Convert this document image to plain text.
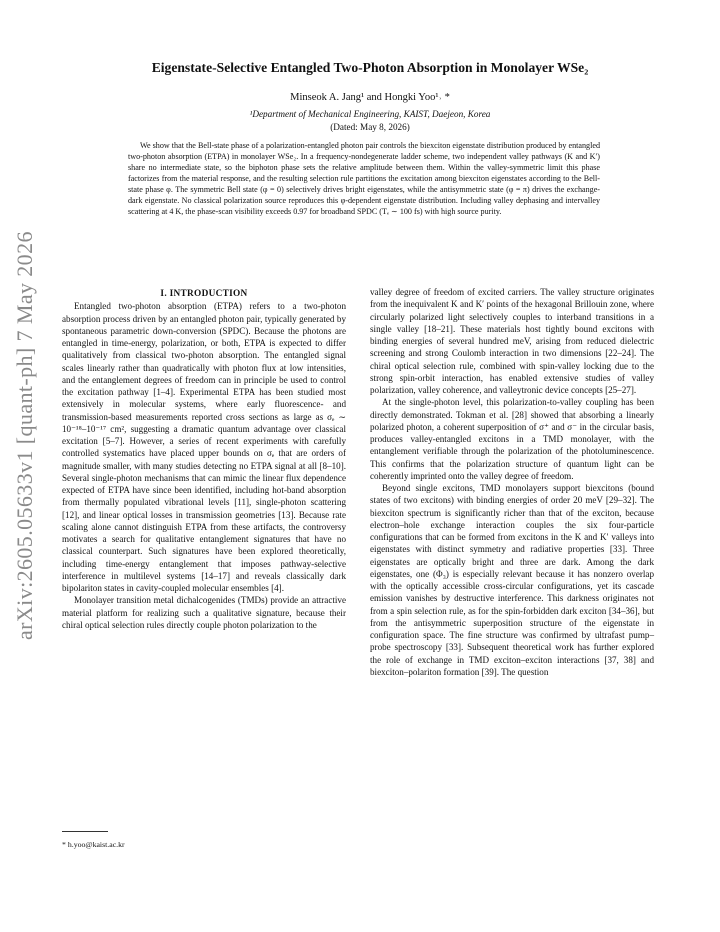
arXiv:2605.05633v1 [quant-ph] 7 May 2026
Eigenstate-Selective Entangled Two-Photon Absorption in Monolayer WSe₂
Minseok A. Jang¹ and Hongki Yoo¹˒ *
¹Department of Mechanical Engineering, KAIST, Daejeon, Korea
(Dated: May 8, 2026)
We show that the Bell-state phase of a polarization-entangled photon pair controls the biexciton eigenstate distribution produced by entangled two-photon absorption (ETPA) in monolayer WSe₂. In a frequency-nondegenerate ladder scheme, two independent valley pathways (K and K′) share no intermediate state, so the biphoton phase sets the relative amplitude between them. Within the valley-symmetric limit this phase factorizes from the material response, and the resulting selection rule partitions the excitation among biexciton eigenstates according to the Bell-state phase φ. The symmetric Bell state (φ = 0) selectively drives bright eigenstates, while the antisymmetric state (φ = π) drives the exchange-dark eigenstate. No classical polarization source reproduces this φ-dependent eigenstate distribution. Including valley dephasing and intervalley scattering at 4 K, the phase-scan visibility exceeds 0.97 for broadband SPDC (Tₑ ∼ 100 fs) with high source purity.

I. INTRODUCTION

Entangled two-photon absorption (ETPA) refers to a two-photon absorption process driven by an entangled photon pair, typically generated by spontaneous parametric down-conversion (SPDC). Because the photons are entangled in time-energy, polarization, or both, ETPA is expected to differ qualitatively from classical two-photon absorption. The entangled signal scales linearly rather than quadratically with photon flux at low intensities, and the entanglement degrees of freedom can in principle be used to control the excitation pathway [1–4]. Experimental ETPA has been studied most extensively in molecular systems, where early fluorescence- and transmission-based measurements reported cross sections as large as σₑ ∼ 10⁻¹⁸–10⁻¹⁷ cm², suggesting a dramatic quantum advantage over classical excitation [5–7]. However, a series of recent experiments with carefully controlled systematics have placed upper bounds on σₑ that are orders of magnitude smaller, with many studies detecting no ETPA signal at all [8–10]. Several single-photon mechanisms that can mimic the linear flux dependence expected of ETPA have since been identified, including hot-band absorption from thermally populated vibrational levels [11], single-photon scattering [12], and linear optical losses in transmission geometries [13]. Because rate scaling alone cannot distinguish ETPA from these artifacts, the controversy motivates a search for qualitative entanglement signatures that have no classical counterpart. Such signatures have been explored theoretically, including time-energy entanglement that imposes pathway-selective interference in multilevel systems [14–17] and reveals classically dark bipolariton states in cavity-coupled molecular ensembles [4].

Monolayer transition metal dichalcogenides (TMDs) provide an attractive material platform for realizing such a qualitative signature, because their chiral optical selection rules directly couple photon polarization to the

valley degree of freedom of excited carriers. The valley structure originates from the inequivalent K and K′ points of the hexagonal Brillouin zone, where circularly polarized light selectively couples to interband transitions in a single valley [18–21]. These materials host tightly bound excitons with binding energies of several hundred meV, arising from reduced dielectric screening and strong Coulomb interaction in two dimensions [22–24]. The chiral optical selection rule, combined with spin-valley locking due to the strong spin-orbit interaction, has enabled extensive studies of valley polarization, valley coherence, and valleytronic device concepts [25–27].

At the single-photon level, this polarization-to-valley coupling has been directly demonstrated. Tokman et al. [28] showed that absorbing a linearly polarized photon, a coherent superposition of σ⁺ and σ⁻ in the circular basis, produces valley-entangled excitons in a TMD monolayer, with the entanglement verifiable through the polarization of the photoluminescence. This confirms that the polarization structure of quantum light can be coherently imprinted onto the valley degree of freedom.

Beyond single excitons, TMD monolayers support biexcitons (bound states of two excitons) with binding energies of order 20 meV [29–32]. The biexciton spectrum is significantly richer than that of the exciton, because electron–hole exchange interaction couples the six four-particle configurations that can be formed from excitons in the K and K′ valleys into eigenstates with distinct symmetry and radiative properties [33]. Three eigenstates are optically bright and three are dark. Among the dark eigenstates, one (Φ₃) is especially relevant because it has nonzero overlap with the optically accessible cross-circular configurations, yet its cascade emission vanishes by destructive interference. This darkness originates not from a spin selection rule, as for the spin-forbidden dark exciton [34–36], but from the antisymmetric superposition structure of the eigenstate in configuration space. The fine structure was confirmed by ultrafast pump–probe spectroscopy [33]. Subsequent theoretical work has further explored the role of exchange in TMD exciton–exciton interactions [37, 38] and biexciton–polariton formation [39]. The question

* h.yoo@kaist.ac.kr
